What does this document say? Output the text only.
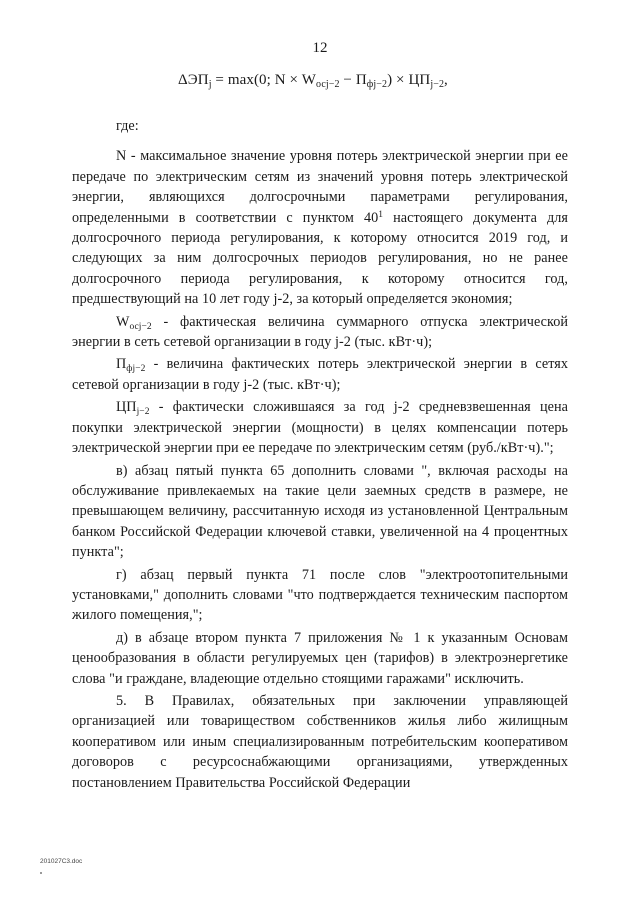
12
$\Delta ЭП_j = \max(0$; $N \times W_{осj-2} - П_{фj-2}) \times ЦП_{j-2}$,

где:

N - максимальное значение уровня потерь электрической энергии при ее передаче по электрическим сетям из значений уровня потерь электрической энергии, являющихся долгосрочными параметрами регулирования, определенными в соответствии с пунктом $40^1$ настоящего документа для долгосрочного периода регулирования, к которому относится 2019 год, и следующих за ним долгосрочных периодов регулирования, но не ранее долгосрочного периода регулирования, к которому относится год, предшествующий на 10 лет году j-2, за который определяется экономия;

$W_{осj-2}$ - фактическая величина суммарного отпуска электрической энергии в сеть сетевой организации в году j-2 (тыс. кВт·ч);

$П_{фj-2}$ - величина фактических потерь электрической энергии в сетях сетевой организации в году j-2 (тыс. кВт·ч);

$ЦП_{j-2}$ - фактически сложившаяся за год j-2 средневзвешенная цена покупки электрической энергии (мощности) в целях компенсации потерь электрической энергии при ее передаче по электрическим сетям (руб./кВт·ч).";

в) абзац пятый пункта 65 дополнить словами ", включая расходы на обслуживание привлекаемых на такие цели заемных средств в размере, не превышающем величину, рассчитанную исходя из установленной Центральным банком Российской Федерации ключевой ставки, увеличенной на 4 процентных пункта";

г) абзац первый пункта 71 после слов "электроотопительными установками," дополнить словами "что подтверждается техническим паспортом жилого помещения,";

д) в абзаце втором пункта 7 приложения № 1 к указанным Основам ценообразования в области регулируемых цен (тарифов) в электроэнергетике слова "и граждане, владеющие отдельно стоящими гаражами" исключить.

5. В Правилах, обязательных при заключении управляющей организацией или товариществом собственников жилья либо жилищным кооперативом или иным специализированным потребительским кооперативом договоров с ресурсоснабжающими организациями, утвержденных постановлением Правительства Российской Федерации

201027C3.doc
